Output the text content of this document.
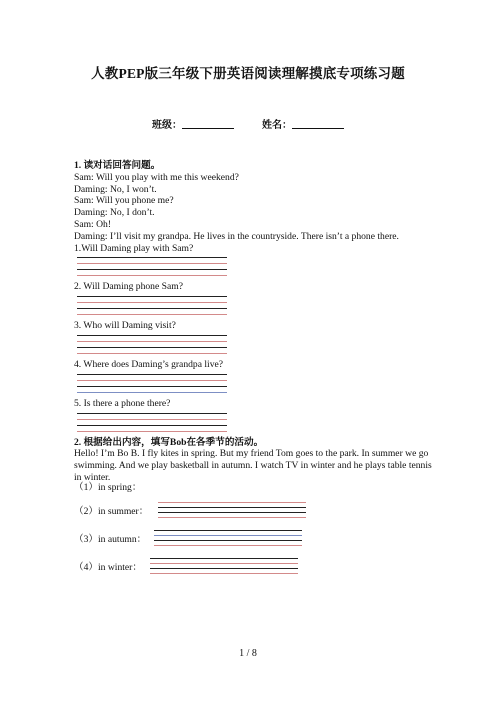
人教PEP版三年级下册英语阅读理解摸底专项练习题
班级：	姓名：

1. 读对话回答问题。

Sam: Will you play with me this weekend?

Daming: No, I won’t.

Sam: Will you phone me?

Daming: No, I don’t.

Sam: Oh!

Daming: I’ll visit my grandpa. He lives in the countryside. There isn’t a phone there.

1.Will Daming play with Sam?

2. Will Daming phone Sam?

3. Who will Daming visit?

4. Where does Daming’s grandpa live?

5. Is there a phone there?

2. 根据给出内容，填写Bob在各季节的活动。

Hello! I’m Bo B. I fly kites in spring. But my friend Tom goes to the park. In summer we go swimming. And we play basketball in autumn. I watch TV in winter and he plays table tennis in winter.

（1）in spring：
（2）in summer：
（3）in autumn：
（4）in winter：
1 / 8
